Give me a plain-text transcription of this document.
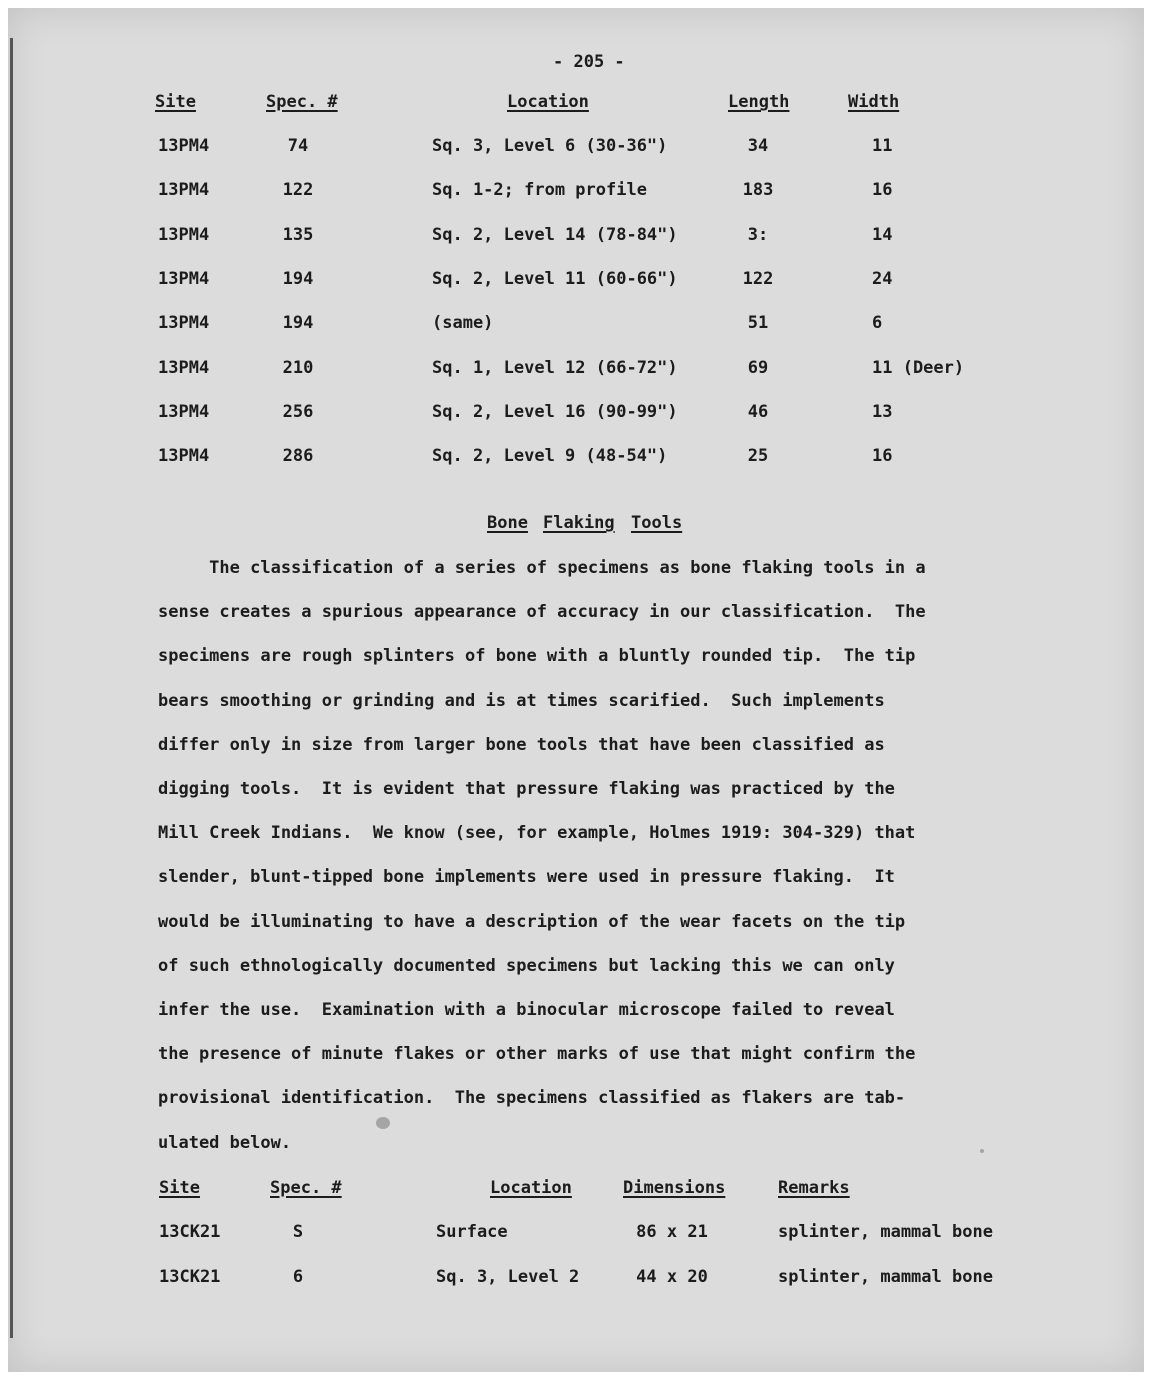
- 205 -
Site	Spec. #	Location	Length	Width
13PM4	74	Sq. 3, Level 6 (30-36")	34	11
13PM4	122	Sq. 1-2; from profile	183	16
13PM4	135	Sq. 2, Level 14 (78-84")	3:	14
13PM4	194	Sq. 2, Level 11 (60-66")	122	24
13PM4	194	(same)	51	6
13PM4	210	Sq. 1, Level 12 (66-72")	69	11 (Deer)
13PM4	256	Sq. 2, Level 16 (90-99")	46	13
13PM4	286	Sq. 2, Level 9 (48-54")	25	16
Bone Flaking Tools
The classification of a series of specimens as bone flaking tools in a
sense creates a spurious appearance of accuracy in our classification.  The
specimens are rough splinters of bone with a bluntly rounded tip.  The tip
bears smoothing or grinding and is at times scarified.  Such implements
differ only in size from larger bone tools that have been classified as
digging tools.  It is evident that pressure flaking was practiced by the
Mill Creek Indians.  We know (see, for example, Holmes 1919: 304-329) that
slender, blunt-tipped bone implements were used in pressure flaking.  It
would be illuminating to have a description of the wear facets on the tip
of such ethnologically documented specimens but lacking this we can only
infer the use.  Examination with a binocular microscope failed to reveal
the presence of minute flakes or other marks of use that might confirm the
provisional identification.  The specimens classified as flakers are tab-
ulated below.
Site	Spec. #	Location	Dimensions	Remarks
13CK21	S	Surface	86 x 21	splinter, mammal bone
13CK21	6	Sq. 3, Level 2	44 x 20	splinter, mammal bone
